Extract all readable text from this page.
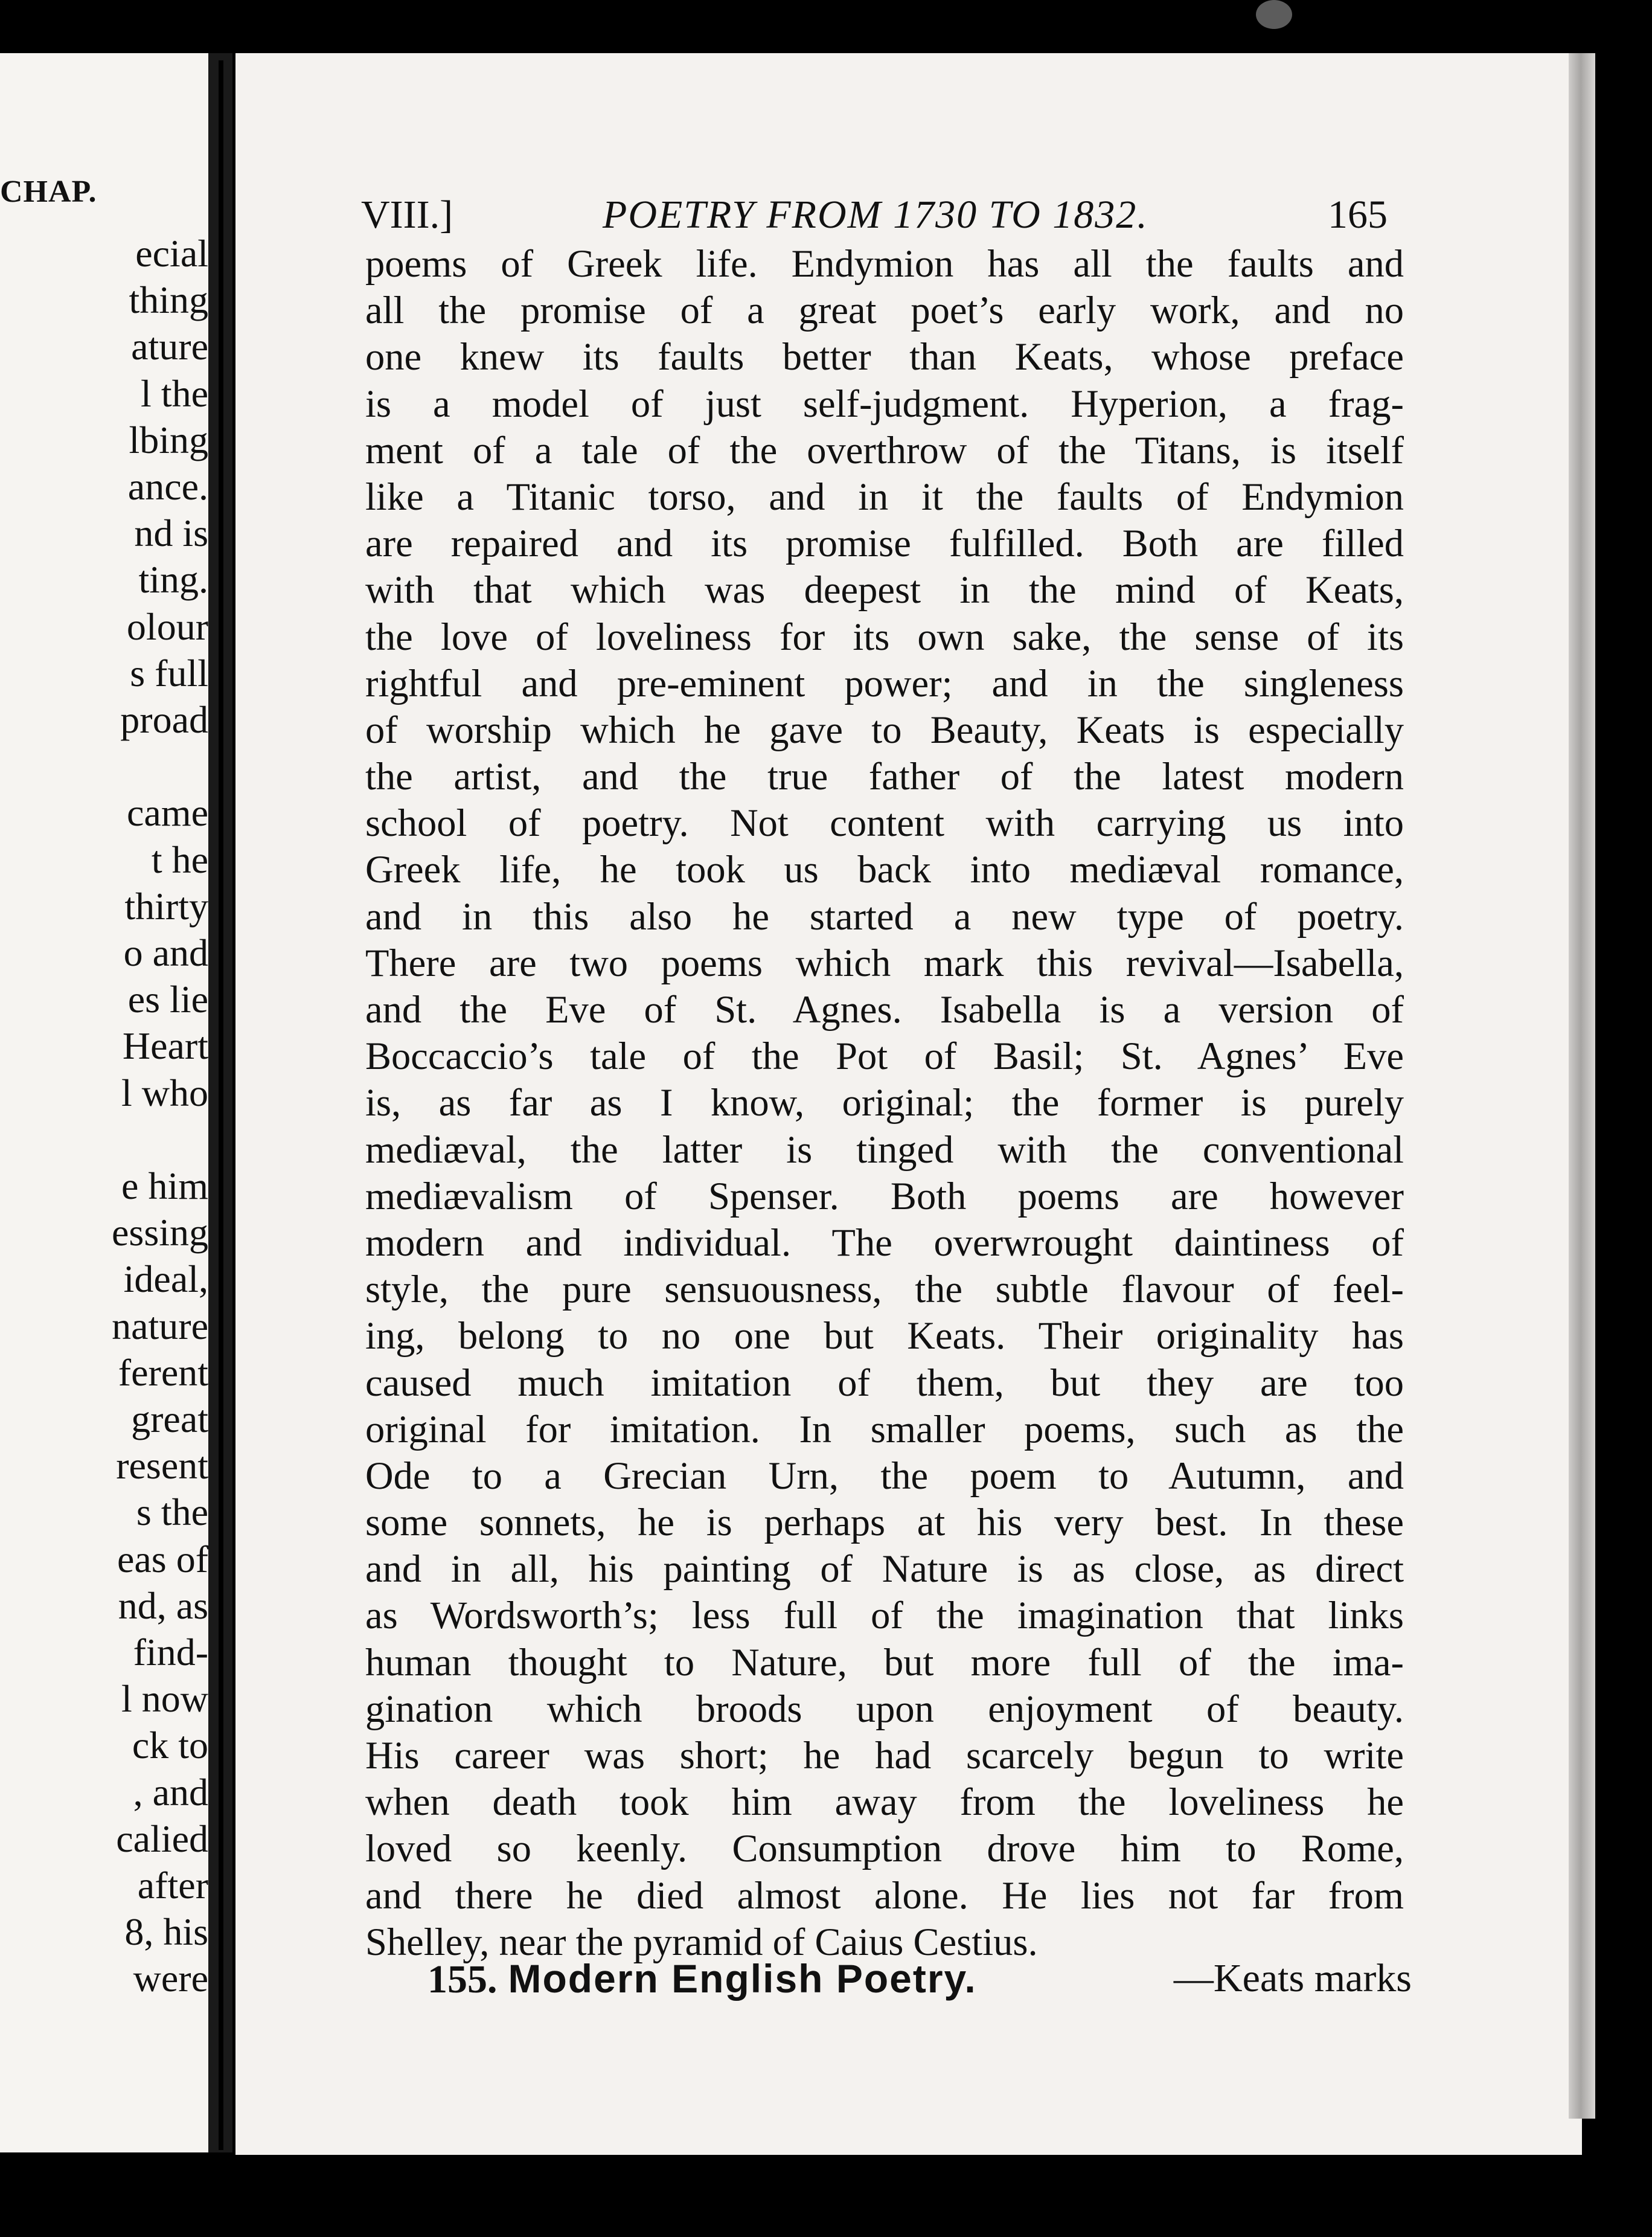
CHAP.
ecial
thing
ature
l the
lbing
ance.
nd is
ting.
olour
s full
proad
came
t he
thirty
o and
es lie
Heart
l who
e him
essing
ideal,
nature
ferent
great
resent
s the
eas of
nd, as
find-
l now
ck to
, and
calied
after
8, his
were
VIII.]	POETRY FROM 1730 TO 1832.	165
poems of Greek life. Endymion has all the faults and
all the promise of a great poet’s early work, and no
one knew its faults better than Keats, whose preface
is a model of just self-judgment. Hyperion, a frag-
ment of a tale of the overthrow of the Titans, is itself
like a Titanic torso, and in it the faults of Endymion
are repaired and its promise fulfilled. Both are filled
with that which was deepest in the mind of Keats,
the love of loveliness for its own sake, the sense of its
rightful and pre-eminent power; and in the singleness
of worship which he gave to Beauty, Keats is especially
the artist, and the true father of the latest modern
school of poetry. Not content with carrying us into
Greek life, he took us back into mediæval romance,
and in this also he started a new type of poetry.
There are two poems which mark this revival—Isabella,
and the Eve of St. Agnes. Isabella is a version of
Boccaccio’s tale of the Pot of Basil; St. Agnes’ Eve
is, as far as I know, original; the former is purely
mediæval, the latter is tinged with the conventional
mediævalism of Spenser. Both poems are however
modern and individual. The overwrought daintiness of
style, the pure sensuousness, the subtle flavour of feel-
ing, belong to no one but Keats. Their originality has
caused much imitation of them, but they are too
original for imitation. In smaller poems, such as the
Ode to a Grecian Urn, the poem to Autumn, and
some sonnets, he is perhaps at his very best. In these
and in all, his painting of Nature is as close, as direct
as Wordsworth’s; less full of the imagination that links
human thought to Nature, but more full of the ima-
gination which broods upon enjoyment of beauty.
His career was short; he had scarcely begun to write
when death took him away from the loveliness he
loved so keenly. Consumption drove him to Rome,
and there he died almost alone. He lies not far from
Shelley, near the pyramid of Caius Cestius.
155. Modern English Poetry.	—Keats marks
